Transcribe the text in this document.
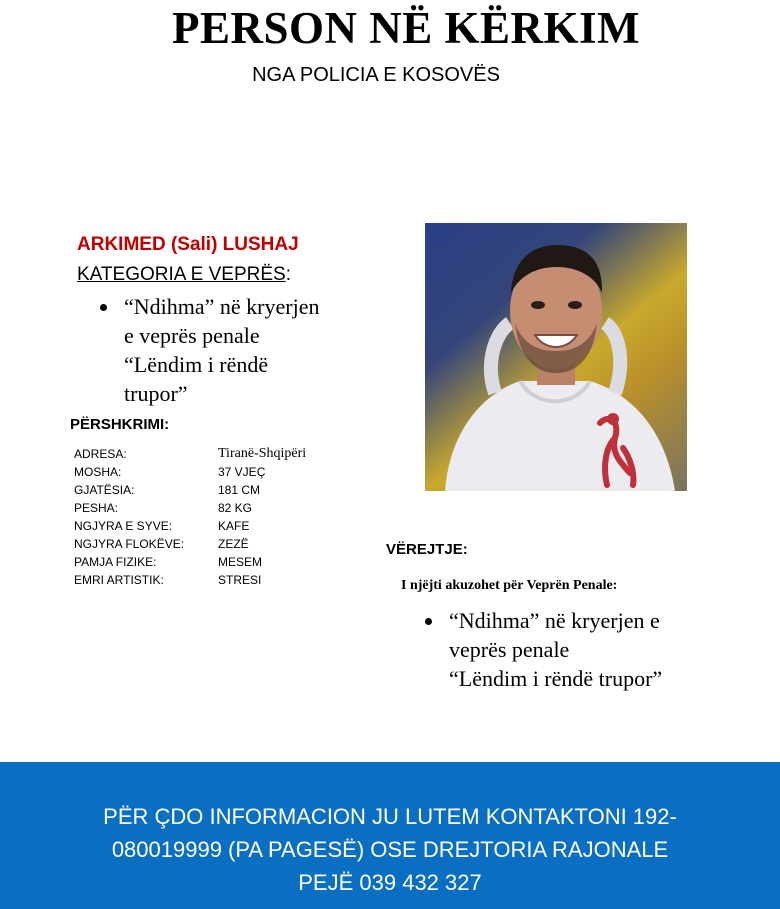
PERSON NË KËRKIM
NGA POLICIA E KOSOVËS
ARKIMED (Sali) LUSHAJ
KATEGORIA E VEPRËS:
“Ndihma” në kryerjen
e veprës penale
“Lëndim i rëndë
trupor”
PËRSHKRIMI:
ADRESA:	Tiranë-Shqipëri
MOSHA:	37 VJEÇ
GJATËSIA:	181 CM
PESHA:	82 KG
NGJYRA E SYVE:	KAFE
NGJYRA FLOKËVE:	ZEZË
PAMJA FIZIKE:	MESEM
EMRI ARTISTIK:	STRESI
VËREJTJE:
I njëjti akuzohet për Veprën Penale:
“Ndihma” në kryerjen e
veprës penale
“Lëndim i rëndë trupor”
PËR ÇDO INFORMACION JU LUTEM KONTAKTONI 192-
080019999 (PA PAGESË) OSE DREJTORIA RAJONALE
PEJË 039 432 327
